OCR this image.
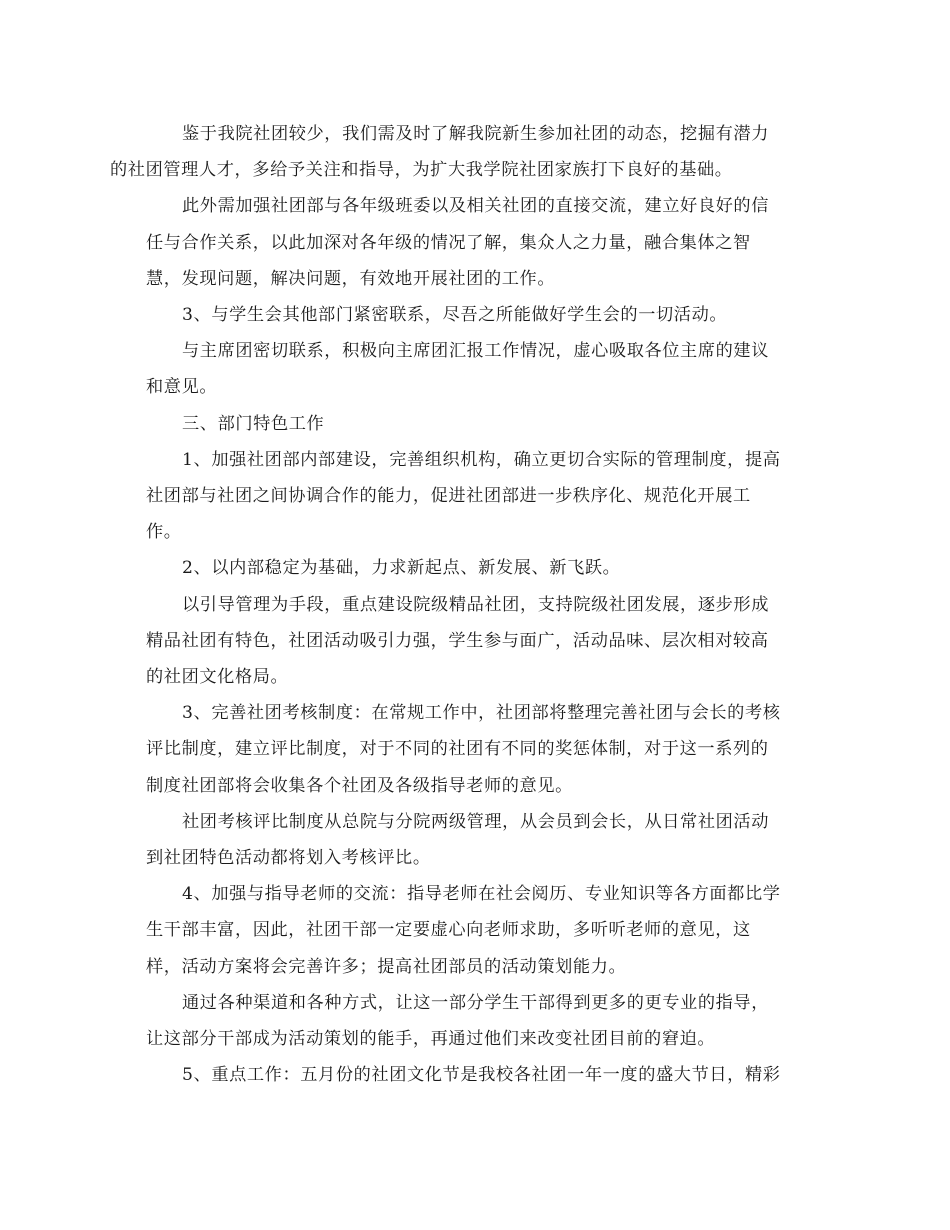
鉴于我院社团较少，我们需及时了解我院新生参加社团的动态，挖掘有潜力
的社团管理人才，多给予关注和指导，为扩大我学院社团家族打下良好的基础。

此外需加强社团部与各年级班委以及相关社团的直接交流，建立好良好的信
任与合作关系，以此加深对各年级的情况了解，集众人之力量，融合集体之智
慧，发现问题，解决问题，有效地开展社团的工作。

3、与学生会其他部门紧密联系，尽吾之所能做好学生会的一切活动。

与主席团密切联系，积极向主席团汇报工作情况，虚心吸取各位主席的建议
和意见。

三、部门特色工作

1、加强社团部内部建设，完善组织机构，确立更切合实际的管理制度，提高
社团部与社团之间协调合作的能力，促进社团部进一步秩序化、规范化开展工
作。

2、以内部稳定为基础，力求新起点、新发展、新飞跃。

以引导管理为手段，重点建设院级精品社团，支持院级社团发展，逐步形成
精品社团有特色，社团活动吸引力强，学生参与面广，活动品味、层次相对较高
的社团文化格局。

3、完善社团考核制度：在常规工作中，社团部将整理完善社团与会长的考核
评比制度，建立评比制度，对于不同的社团有不同的奖惩体制，对于这一系列的
制度社团部将会收集各个社团及各级指导老师的意见。

社团考核评比制度从总院与分院两级管理，从会员到会长，从日常社团活动
到社团特色活动都将划入考核评比。

4、加强与指导老师的交流：指导老师在社会阅历、专业知识等各方面都比学
生干部丰富，因此，社团干部一定要虚心向老师求助，多听听老师的意见，这
样，活动方案将会完善许多；提高社团部员的活动策划能力。

通过各种渠道和各种方式，让这一部分学生干部得到更多的更专业的指导，
让这部分干部成为活动策划的能手，再通过他们来改变社团目前的窘迫。

5、重点工作：五月份的社团文化节是我校各社团一年一度的盛大节日，精彩
